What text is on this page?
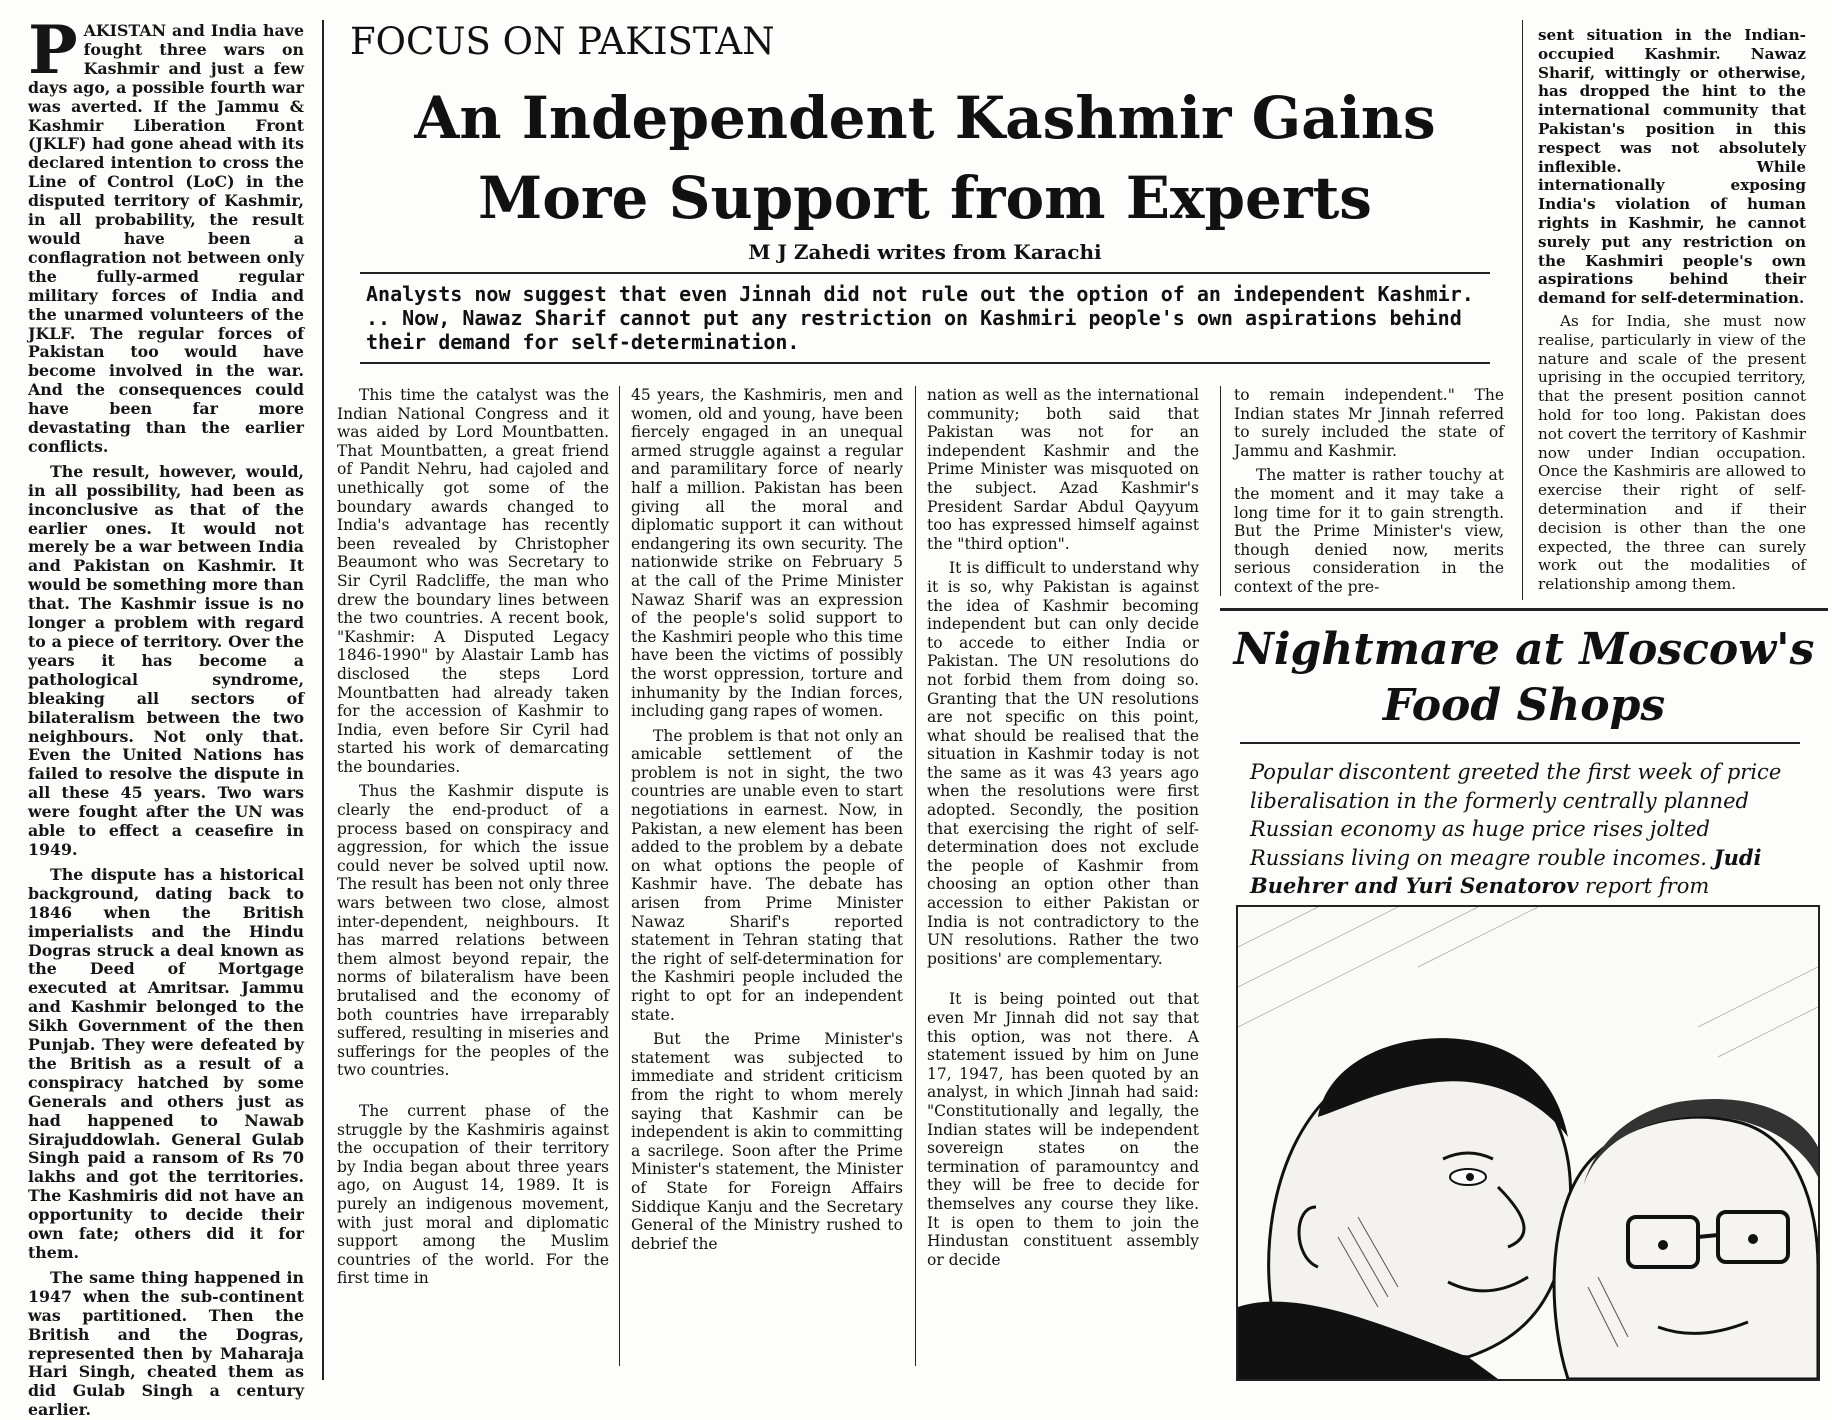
PAKISTAN and India have fought three wars on Kashmir and just a few days ago, a possible fourth war was averted. If the Jammu & Kashmir Liberation Front (JKLF) had gone ahead with its declared intention to cross the Line of Control (LoC) in the disputed territory of Kashmir, in all probability, the result would have been a conflagration not between only the fully-armed regular military forces of India and the unarmed volunteers of the JKLF. The regular forces of Pakistan too would have become involved in the war. And the consequences could have been far more devastating than the earlier conflicts.

The result, however, would, in all possibility, had been as inconclusive as that of the earlier ones. It would not merely be a war between India and Pakistan on Kashmir. It would be something more than that. The Kashmir issue is no longer a problem with regard to a piece of territory. Over the years it has become a pathological syndrome, bleaking all sectors of bilateralism between the two neighbours. Not only that. Even the United Nations has failed to resolve the dispute in all these 45 years. Two wars were fought after the UN was able to effect a ceasefire in 1949.

The dispute has a historical background, dating back to 1846 when the British imperialists and the Hindu Dogras struck a deal known as the Deed of Mortgage executed at Amritsar. Jammu and Kashmir belonged to the Sikh Government of the then Punjab. They were defeated by the British as a result of a conspiracy hatched by some Generals and others just as had happened to Nawab Sirajuddowlah. General Gulab Singh paid a ransom of Rs 70 lakhs and got the territories. The Kashmiris did not have an opportunity to decide their own fate; others did it for them.

The same thing happened in 1947 when the sub-continent was partitioned. Then the British and the Dogras, represented then by Maharaja Hari Singh, cheated them as did Gulab Singh a century earlier.

FOCUS ON PAKISTAN
An Independent Kashmir Gains
More Support from Experts
M J Zahedi writes from Karachi
Analysts now suggest that even Jinnah did not rule out the option of an independent Kashmir. .. Now, Nawaz Sharif cannot put any restriction on Kashmiri people's own aspirations behind their demand for self-determination.

This time the catalyst was the Indian National Congress and it was aided by Lord Mountbatten. That Mountbatten, a great friend of Pandit Nehru, had cajoled and unethically got some of the boundary awards changed to India's advantage has recently been revealed by Christopher Beaumont who was Secretary to Sir Cyril Radcliffe, the man who drew the boundary lines between the two countries. A recent book, "Kashmir: A Disputed Legacy 1846-1990" by Alastair Lamb has disclosed the steps Lord Mountbatten had already taken for the accession of Kashmir to India, even before Sir Cyril had started his work of demarcating the boundaries.

Thus the Kashmir dispute is clearly the end-product of a process based on conspiracy and aggression, for which the issue could never be solved uptil now. The result has been not only three wars between two close, almost inter-dependent, neighbours. It has marred relations between them almost beyond repair, the norms of bilateralism have been brutalised and the economy of both countries have irreparably suffered, resulting in miseries and sufferings for the peoples of the two countries.

The current phase of the struggle by the Kashmiris against the occupation of their territory by India began about three years ago, on August 14, 1989. It is purely an indigenous movement, with just moral and diplomatic support among the Muslim countries of the world. For the first time in

45 years, the Kashmiris, men and women, old and young, have been fiercely engaged in an unequal armed struggle against a regular and paramilitary force of nearly half a million. Pakistan has been giving all the moral and diplomatic support it can without endangering its own security. The nationwide strike on February 5 at the call of the Prime Minister Nawaz Sharif was an expression of the people's solid support to the Kashmiri people who this time have been the victims of possibly the worst oppression, torture and inhumanity by the Indian forces, including gang rapes of women.

The problem is that not only an amicable settlement of the problem is not in sight, the two countries are unable even to start negotiations in earnest. Now, in Pakistan, a new element has been added to the problem by a debate on what options the people of Kashmir have. The debate has arisen from Prime Minister Nawaz Sharif's reported statement in Tehran stating that the right of self-determination for the Kashmiri people included the right to opt for an independent state.

But the Prime Minister's statement was subjected to immediate and strident criticism from the right to whom merely saying that Kashmir can be independent is akin to committing a sacrilege. Soon after the Prime Minister's statement, the Minister of State for Foreign Affairs Siddique Kanju and the Secretary General of the Ministry rushed to debrief the

nation as well as the international community; both said that Pakistan was not for an independent Kashmir and the Prime Minister was misquoted on the subject. Azad Kashmir's President Sardar Abdul Qayyum too has expressed himself against the "third option".

It is difficult to understand why it is so, why Pakistan is against the idea of Kashmir becoming independent but can only decide to accede to either India or Pakistan. The UN resolutions do not forbid them from doing so. Granting that the UN resolutions are not specific on this point, what should be realised that the situation in Kashmir today is not the same as it was 43 years ago when the resolutions were first adopted. Secondly, the position that exercising the right of self-determination does not exclude the people of Kashmir from choosing an option other than accession to either Pakistan or India is not contradictory to the UN resolutions. Rather the two positions' are complementary.

It is being pointed out that even Mr Jinnah did not say that this option, was not there. A statement issued by him on June 17, 1947, has been quoted by an analyst, in which Jinnah had said: "Constitutionally and legally, the Indian states will be independent sovereign states on the termination of paramountcy and they will be free to decide for themselves any course they like. It is open to them to join the Hindustan constituent assembly or decide

to remain independent." The Indian states Mr Jinnah referred to surely included the state of Jammu and Kashmir.

The matter is rather touchy at the moment and it may take a long time for it to gain strength. But the Prime Minister's view, though denied now, merits serious consideration in the context of the pre-

sent situation in the Indian-occupied Kashmir. Nawaz Sharif, wittingly or otherwise, has dropped the hint to the international community that Pakistan's position in this respect was not absolutely inflexible. While internationally exposing India's violation of human rights in Kashmir, he cannot surely put any restriction on the Kashmiri people's own aspirations behind their demand for self-determination.

As for India, she must now realise, particularly in view of the nature and scale of the present uprising in the occupied territory, that the present position cannot hold for too long. Pakistan does not covert the territory of Kashmir now under Indian occupation. Once the Kashmiris are allowed to exercise their right of self-determination and if their decision is other than the one expected, the three can surely work out the modalities of relationship among them.

Nightmare at Moscow's
Food Shops
Popular discontent greeted the first week of price liberalisation in the formerly centrally planned Russian economy as huge price rises jolted Russians living on meagre rouble incomes. Judi Buehrer and Yuri Senatorov report from
